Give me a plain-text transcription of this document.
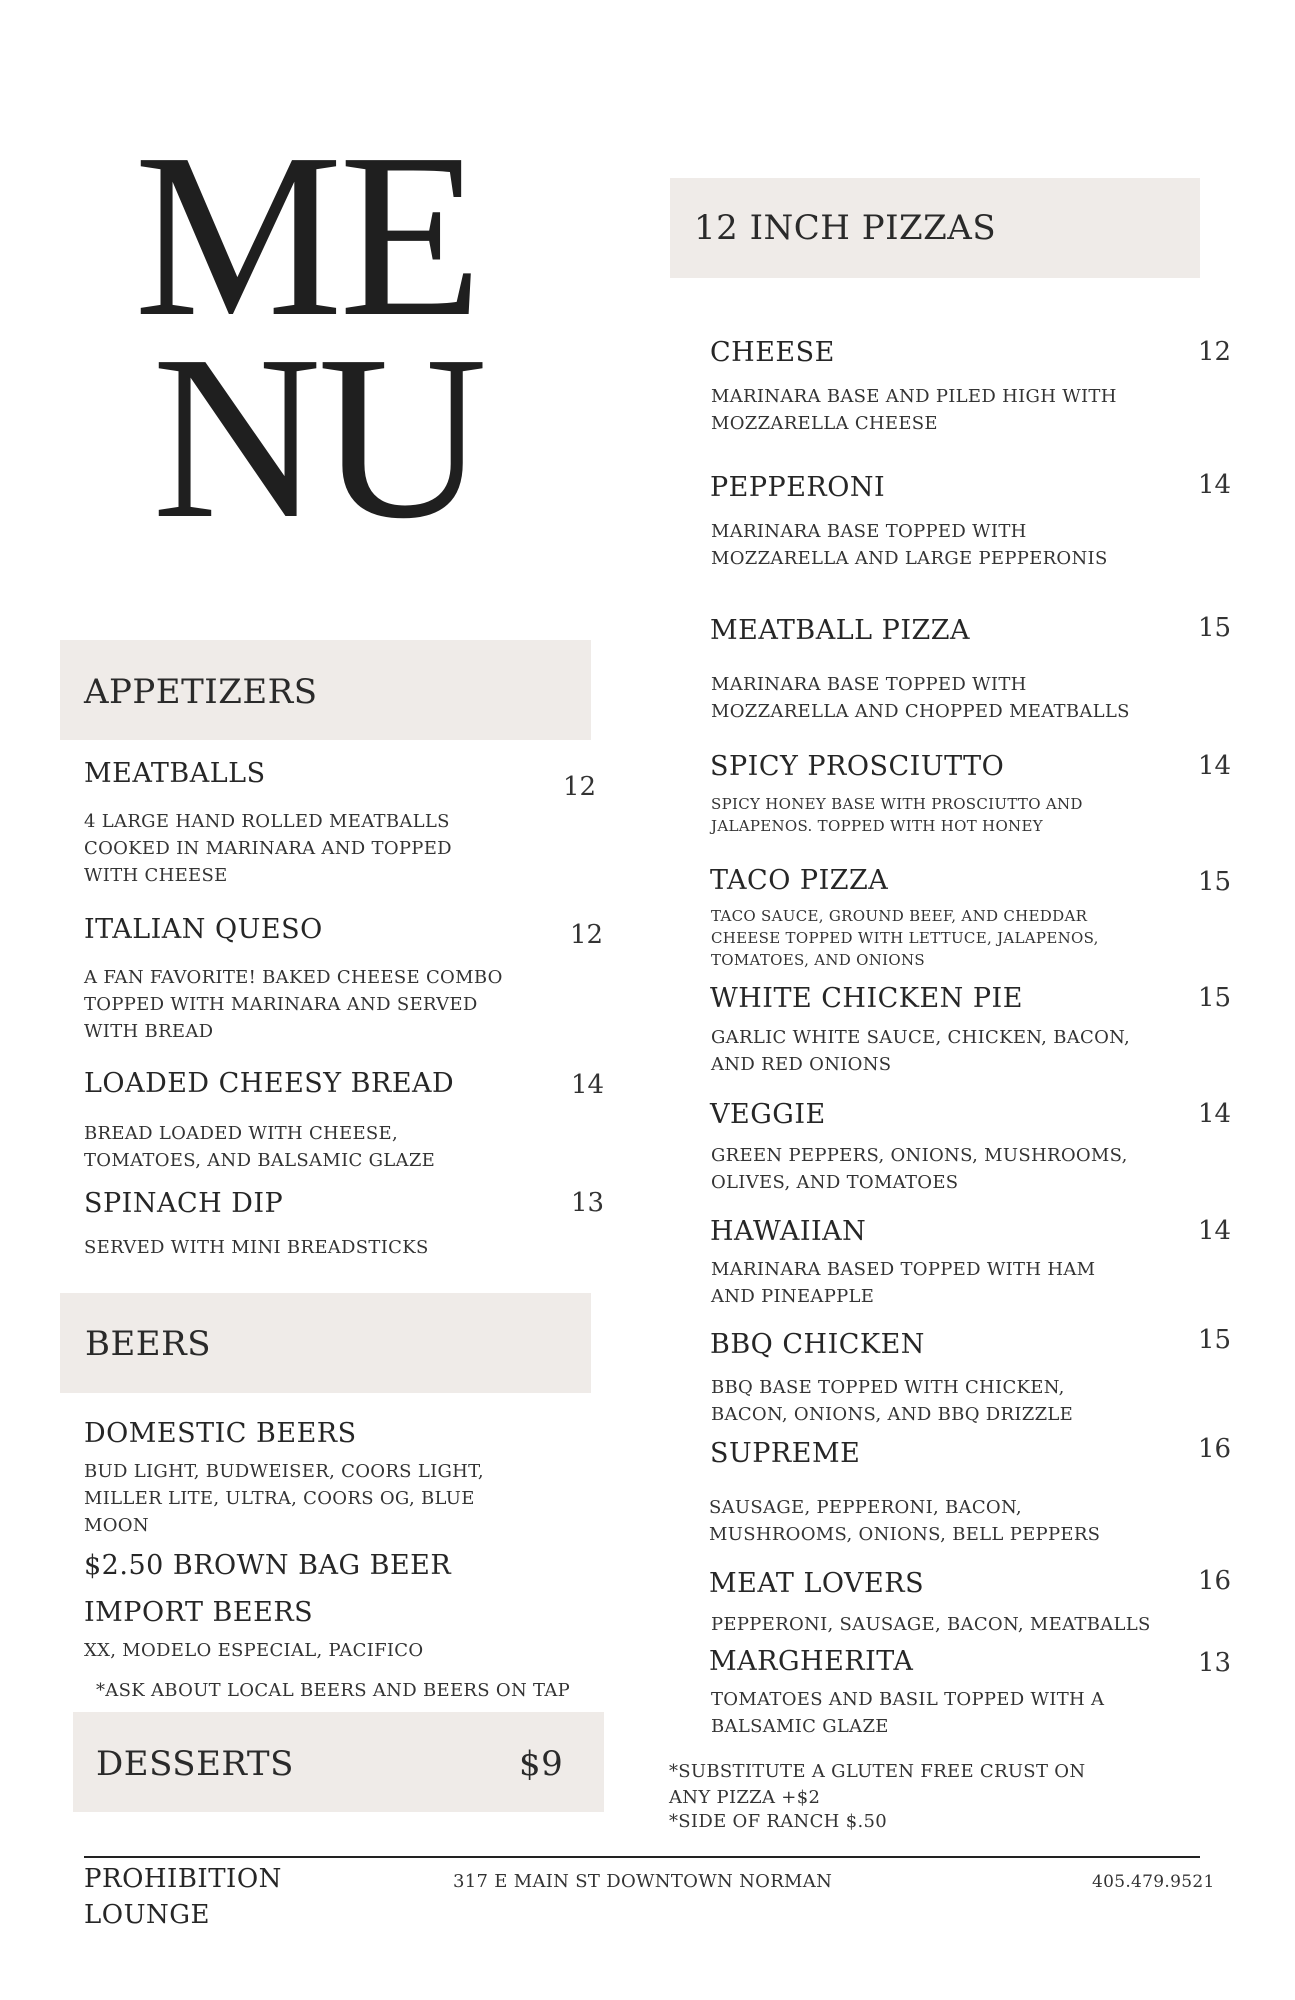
ME
NU
APPETIZERS
MEATBALLS	12
4 LARGE HAND ROLLED MEATBALLS COOKED IN MARINARA AND TOPPED WITH CHEESE
ITALIAN QUESO	12
A FAN FAVORITE! BAKED CHEESE COMBO TOPPED WITH MARINARA AND SERVED WITH BREAD
LOADED CHEESY BREAD	14
BREAD LOADED WITH CHEESE, TOMATOES, AND BALSAMIC GLAZE
SPINACH DIP	13
SERVED WITH MINI BREADSTICKS
BEERS
DOMESTIC BEERS
BUD LIGHT, BUDWEISER, COORS LIGHT, MILLER LITE, ULTRA, COORS OG, BLUE MOON
$2.50 BROWN BAG BEER
IMPORT BEERS
XX, MODELO ESPECIAL, PACIFICO
*ASK ABOUT LOCAL BEERS AND BEERS ON TAP
DESSERTS	$9
12 INCH PIZZAS
CHEESE	12
MARINARA BASE AND PILED HIGH WITH MOZZARELLA CHEESE
PEPPERONI	14
MARINARA BASE TOPPED WITH MOZZARELLA AND LARGE PEPPERONIS
MEATBALL PIZZA	15
MARINARA BASE TOPPED WITH MOZZARELLA AND CHOPPED MEATBALLS
SPICY PROSCIUTTO	14
SPICY HONEY BASE WITH PROSCIUTTO AND JALAPENOS. TOPPED WITH HOT HONEY
TACO PIZZA	15
TACO SAUCE, GROUND BEEF, AND CHEDDAR CHEESE TOPPED WITH LETTUCE, JALAPENOS, TOMATOES, AND ONIONS
WHITE CHICKEN PIE	15
GARLIC WHITE SAUCE, CHICKEN, BACON, AND RED ONIONS
VEGGIE	14
GREEN PEPPERS, ONIONS, MUSHROOMS, OLIVES, AND TOMATOES
HAWAIIAN	14
MARINARA BASED TOPPED WITH HAM AND PINEAPPLE
BBQ CHICKEN	15
BBQ BASE TOPPED WITH CHICKEN, BACON, ONIONS, AND BBQ DRIZZLE
SUPREME	16
SAUSAGE, PEPPERONI, BACON, MUSHROOMS, ONIONS, BELL PEPPERS
MEAT LOVERS	16
PEPPERONI, SAUSAGE, BACON, MEATBALLS
MARGHERITA	13
TOMATOES AND BASIL TOPPED WITH A BALSAMIC GLAZE
*SUBSTITUTE A GLUTEN FREE CRUST ON
ANY PIZZA +$2
*SIDE OF RANCH $.50
PROHIBITION
LOUNGE
317 E MAIN ST DOWNTOWN NORMAN	405.479.9521
